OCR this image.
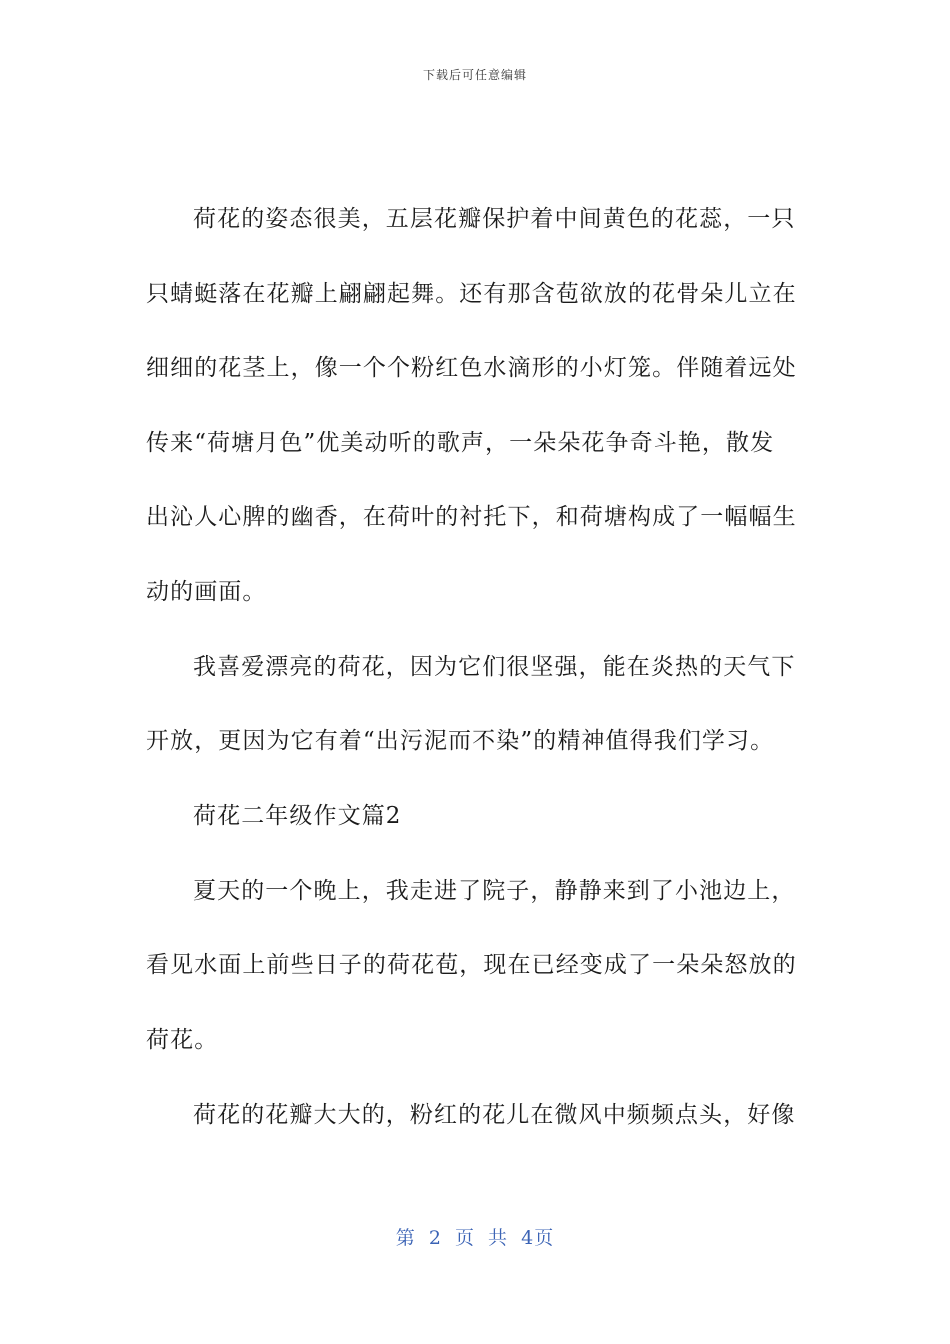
下载后可任意编辑
荷花的姿态很美，五层花瓣保护着中间黄色的花蕊，一只
只蜻蜓落在花瓣上翩翩起舞。还有那含苞欲放的花骨朵儿立在
细细的花茎上，像一个个粉红色水滴形的小灯笼。伴随着远处
传来“荷塘月色”优美动听的歌声，一朵朵花争奇斗艳，散发
出沁人心脾的幽香，在荷叶的衬托下，和荷塘构成了一幅幅生
动的画面。
我喜爱漂亮的荷花，因为它们很坚强，能在炎热的天气下
开放，更因为它有着“出污泥而不染”的精神值得我们学习。
荷花二年级作文篇2
夏天的一个晚上，我走进了院子，静静来到了小池边上，
看见水面上前些日子的荷花苞，现在已经变成了一朵朵怒放的
荷花。
荷花的花瓣大大的，粉红的花儿在微风中频频点头，好像
第 2 页 共 4页
